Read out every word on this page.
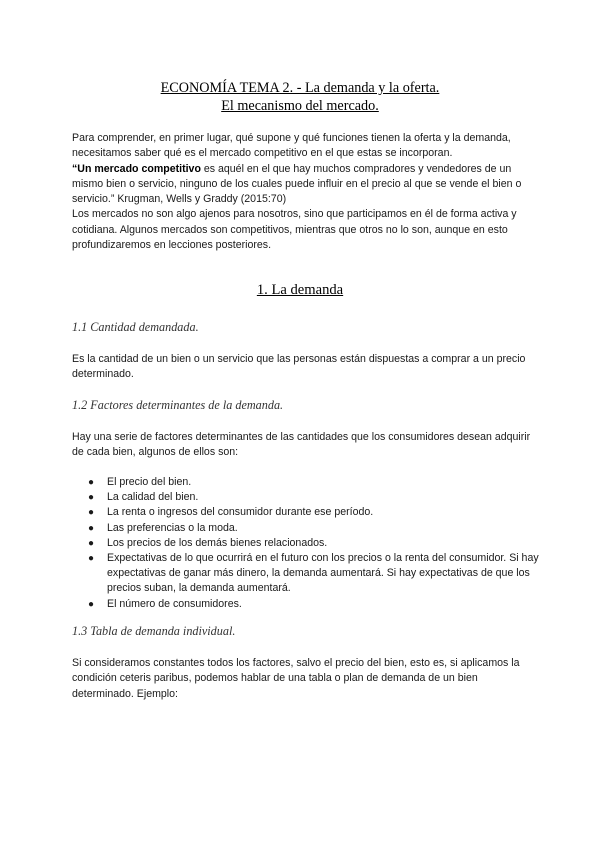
ECONOMÍA TEMA 2. - La demanda y la oferta.
El mecanismo del mercado.

Para comprender, en primer lugar, qué supone y qué funciones tienen la oferta y la demanda, necesitamos saber qué es el mercado competitivo en el que estas se incorporan.

“Un mercado competitivo es aquél en el que hay muchos compradores y vendedores de un mismo bien o servicio, ninguno de los cuales puede influir en el precio al que se vende el bien o servicio.” Krugman, Wells y Graddy (2015:70)

Los mercados no son algo ajenos para nosotros, sino que participamos en él de forma activa y cotidiana. Algunos mercados son competitivos, mientras que otros no lo son, aunque en esto profundizaremos en lecciones posteriores.

1. La demanda
1.1 Cantidad demandada.
Es la cantidad de un bien o un servicio que las personas están dispuestas a comprar a un precio determinado.
1.2 Factores determinantes de la demanda.
Hay una serie de factores determinantes de las cantidades que los consumidores desean adquirir de cada bien, algunos de ellos son:
● El precio del bien.
● La calidad del bien.
● La renta o ingresos del consumidor durante ese período.
● Las preferencias o la moda.
● Los precios de los demás bienes relacionados.
● Expectativas de lo que ocurrirá en el futuro con los precios o la renta del consumidor. Si hay expectativas de ganar más dinero, la demanda aumentará. Si hay expectativas de que los precios suban, la demanda aumentará.
● El número de consumidores.
1.3 Tabla de demanda individual.
Si consideramos constantes todos los factores, salvo el precio del bien, esto es, si aplicamos la condición ceteris paribus, podemos hablar de una tabla o plan de demanda de un bien determinado. Ejemplo:
